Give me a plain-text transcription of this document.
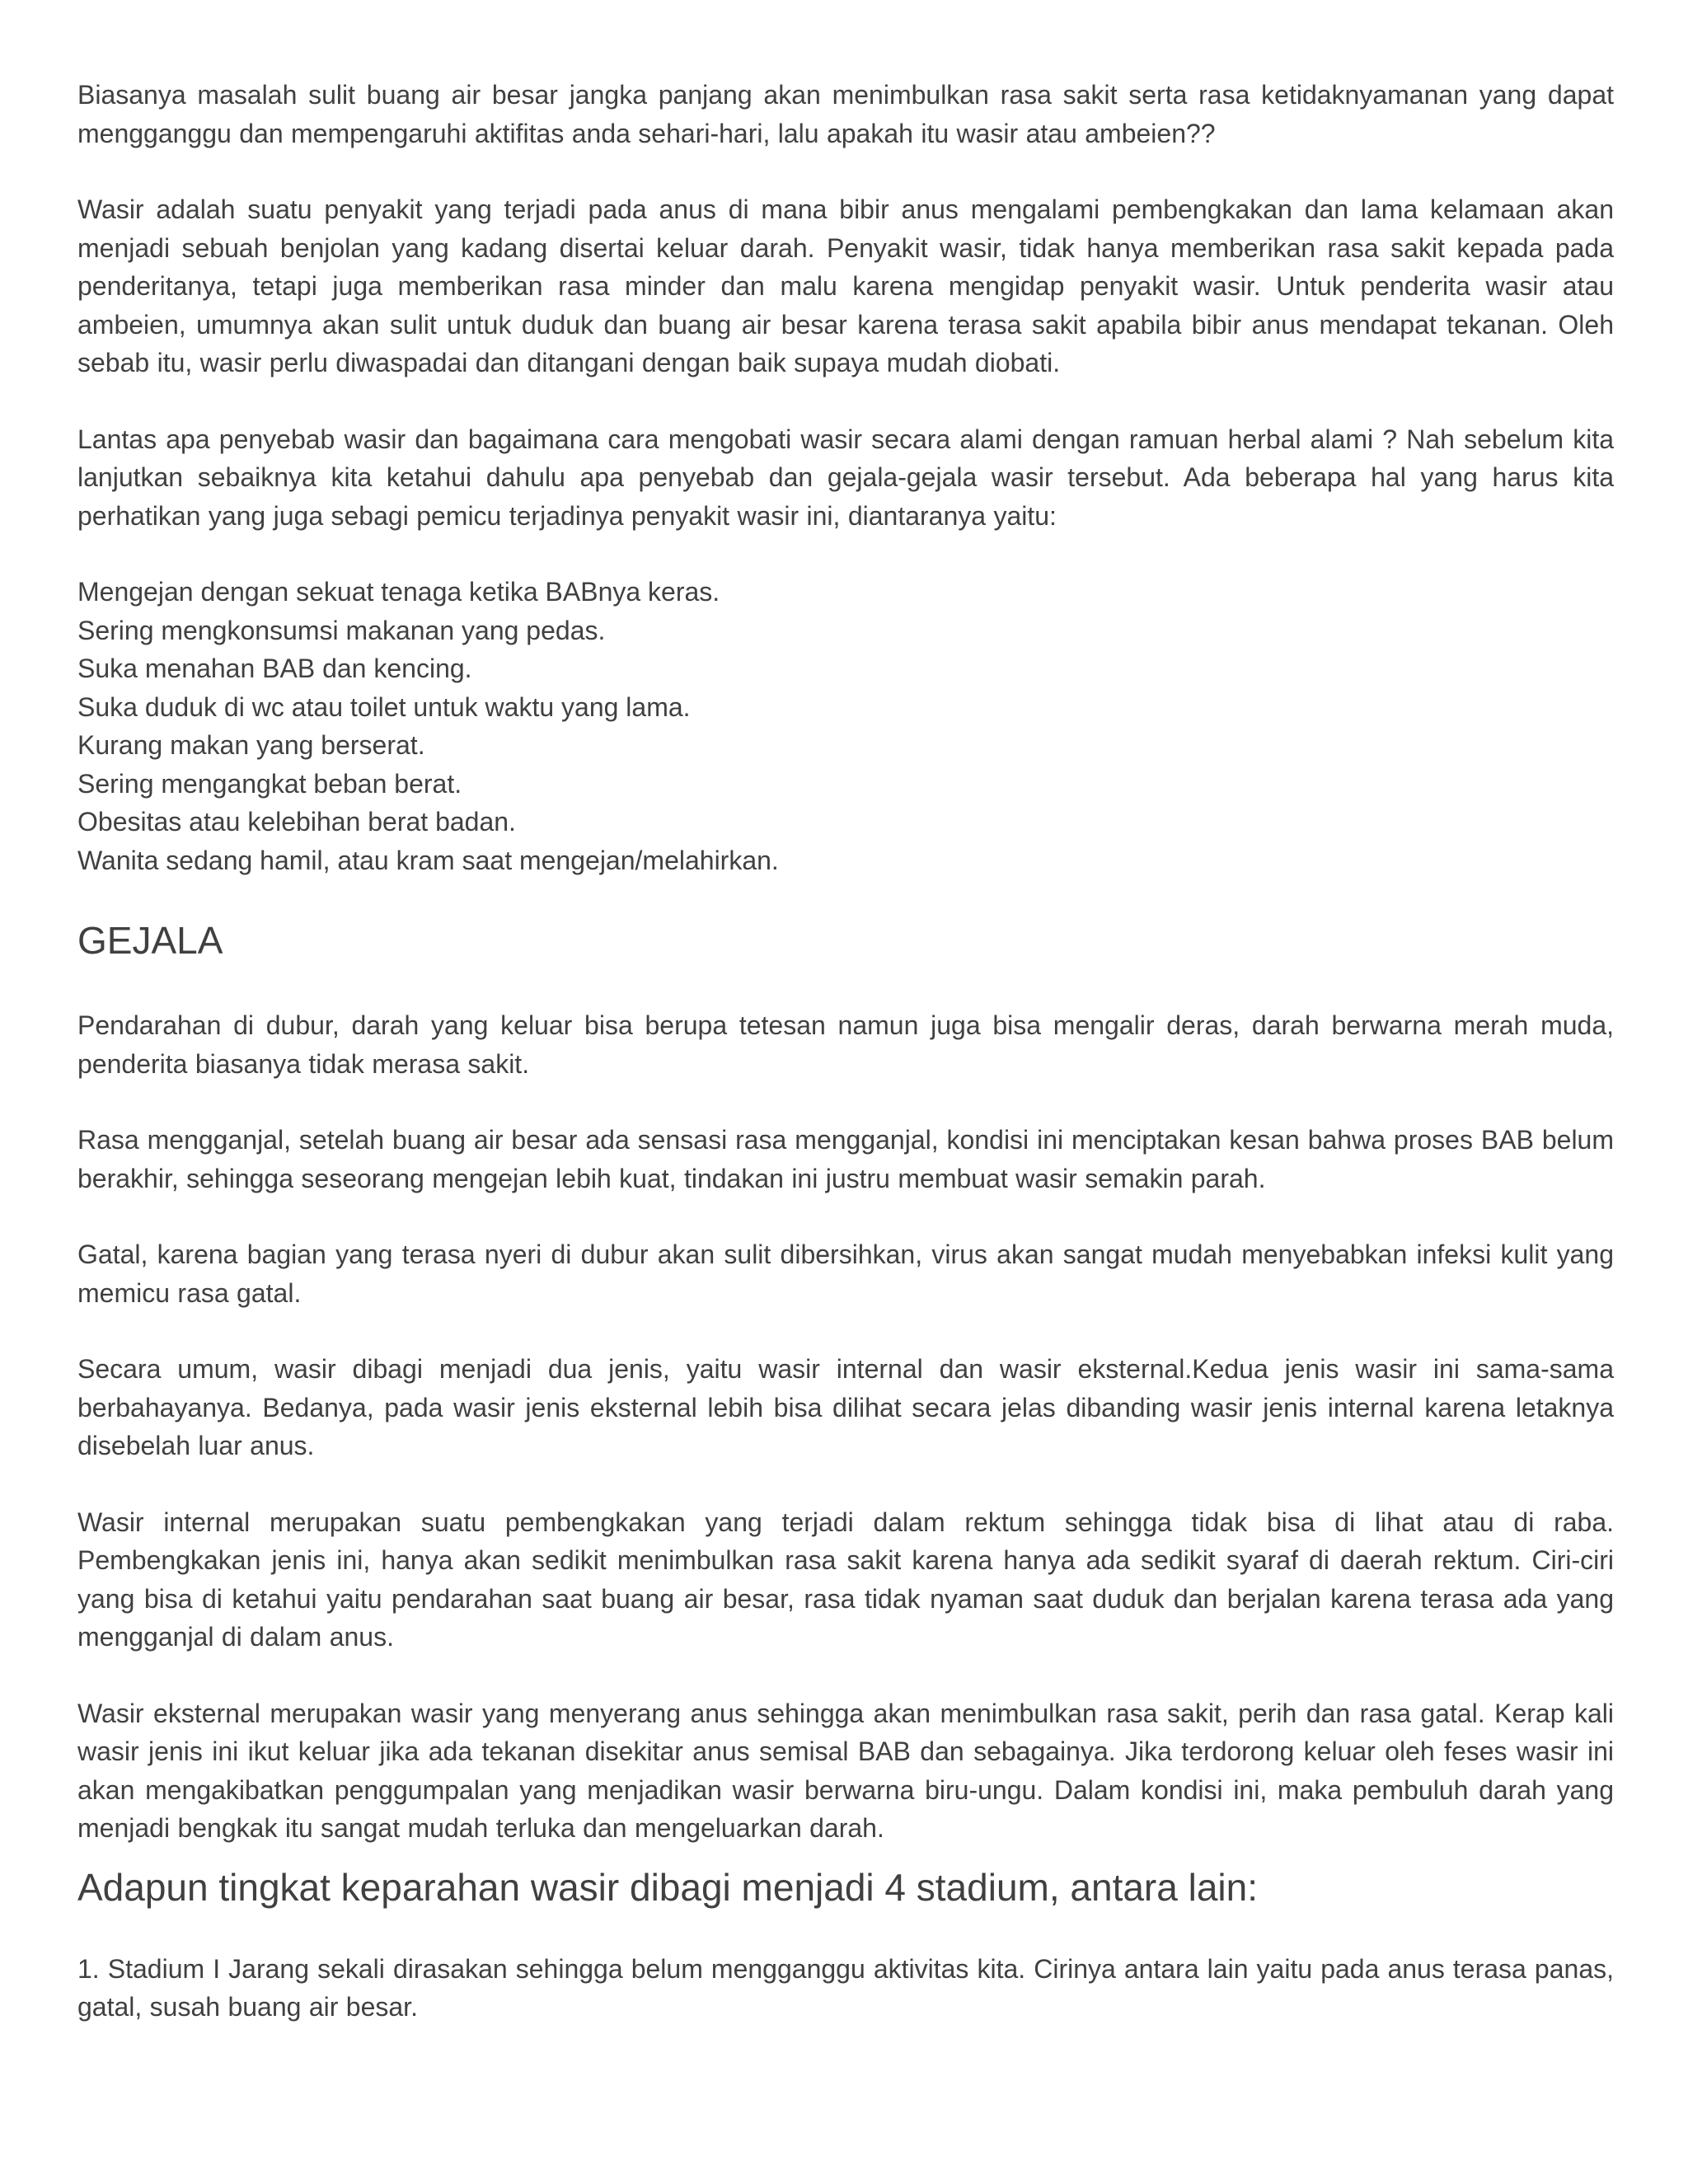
Biasanya masalah sulit buang air besar jangka panjang akan menimbulkan rasa sakit serta rasa ketidaknyamanan yang dapat mengganggu dan mempengaruhi aktifitas anda sehari-hari, lalu apakah itu wasir atau ambeien??

Wasir adalah suatu penyakit yang terjadi pada anus di mana bibir anus mengalami pembengkakan dan lama kelamaan akan menjadi sebuah benjolan yang kadang disertai keluar darah. Penyakit wasir, tidak hanya memberikan rasa sakit kepada pada penderitanya, tetapi juga memberikan rasa minder dan malu karena mengidap penyakit wasir. Untuk penderita wasir atau ambeien, umumnya akan sulit untuk duduk dan buang air besar karena terasa sakit apabila bibir anus mendapat tekanan. Oleh sebab itu, wasir perlu diwaspadai dan ditangani dengan baik supaya mudah diobati.

Lantas apa penyebab wasir dan bagaimana cara mengobati wasir secara alami dengan ramuan herbal alami ? Nah sebelum kita lanjutkan sebaiknya kita ketahui dahulu apa penyebab dan gejala-gejala wasir tersebut. Ada beberapa hal yang harus kita perhatikan yang juga sebagi pemicu terjadinya penyakit wasir ini, diantaranya yaitu:

Mengejan dengan sekuat tenaga ketika BABnya keras.
Sering mengkonsumsi makanan yang pedas.
Suka menahan BAB dan kencing.
Suka duduk di wc atau toilet untuk waktu yang lama.
Kurang makan yang berserat.
Sering mengangkat beban berat.
Obesitas atau kelebihan berat badan.
Wanita sedang hamil, atau kram saat mengejan/melahirkan.
GEJALA

Pendarahan di dubur, darah yang keluar bisa berupa tetesan namun juga bisa mengalir deras, darah berwarna merah muda, penderita biasanya tidak merasa sakit.

Rasa mengganjal, setelah buang air besar ada sensasi rasa mengganjal, kondisi ini menciptakan kesan bahwa proses BAB belum berakhir, sehingga seseorang mengejan lebih kuat, tindakan ini justru membuat wasir semakin parah.

Gatal, karena bagian yang terasa nyeri di dubur akan sulit dibersihkan, virus akan sangat mudah menyebabkan infeksi kulit yang memicu rasa gatal.

Secara umum, wasir dibagi menjadi dua jenis, yaitu wasir internal dan wasir eksternal.Kedua jenis wasir ini sama-sama berbahayanya. Bedanya, pada wasir jenis eksternal lebih bisa dilihat secara jelas dibanding wasir jenis internal karena letaknya disebelah luar anus.

Wasir internal merupakan suatu pembengkakan yang terjadi dalam rektum sehingga tidak bisa di lihat atau di raba. Pembengkakan jenis ini, hanya akan sedikit menimbulkan rasa sakit karena hanya ada sedikit syaraf di daerah rektum. Ciri-ciri yang bisa di ketahui yaitu pendarahan saat buang air besar, rasa tidak nyaman saat duduk dan berjalan karena terasa ada yang mengganjal di dalam anus.

Wasir eksternal merupakan wasir yang menyerang anus sehingga akan menimbulkan rasa sakit, perih dan rasa gatal. Kerap kali wasir jenis ini ikut keluar jika ada tekanan disekitar anus semisal BAB dan sebagainya. Jika terdorong keluar oleh feses wasir ini akan mengakibatkan penggumpalan yang menjadikan wasir berwarna biru-ungu. Dalam kondisi ini, maka pembuluh darah yang menjadi bengkak itu sangat mudah terluka dan mengeluarkan darah.

Adapun tingkat keparahan wasir dibagi menjadi 4 stadium, antara lain:

1. Stadium I Jarang sekali dirasakan sehingga belum mengganggu aktivitas kita. Cirinya antara lain yaitu pada anus terasa panas, gatal, susah buang air besar.
